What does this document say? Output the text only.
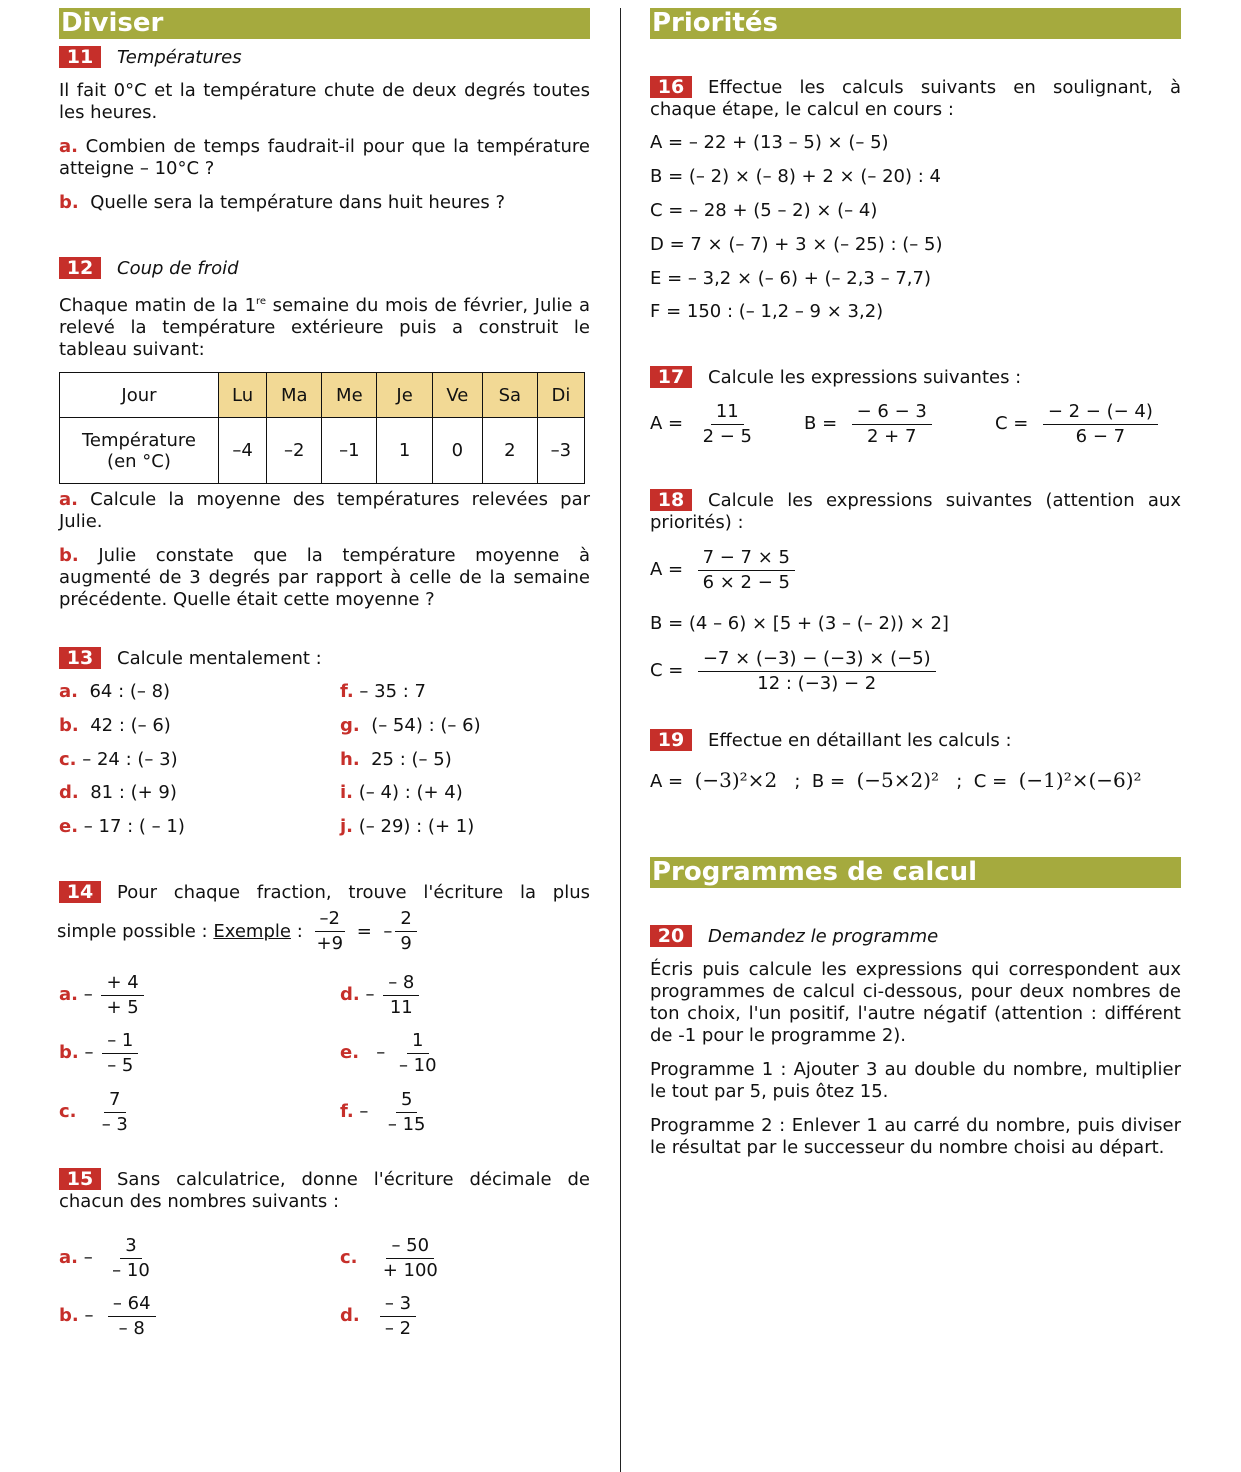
Diviser
11	Températures

Il fait 0°C et la température chute de deux degrés toutes les heures.

a. Combien de temps faudrait-il pour que la température atteigne – 10°C ?

b. Quelle sera la température dans huit heures ?

12	Coup de froid

Chaque matin de la 1re semaine du mois de février, Julie a relevé la température extérieure puis a construit le tableau suivant:

Jour	Lu	Ma	Me	Je	Ve	Sa	Di
Température
(en °C)	–4	–2	–1	1	0	2	–3

a. Calcule la moyenne des températures relevées par Julie.

b. Julie constate que la température moyenne à augmenté de 3 degrés par rapport à celle de la semaine précédente. Quelle était cette moyenne ?

13	Calcule mentalement :
a. 64 : (– 8)
b. 42 : (– 6)
c. – 24 : (– 3)
d. 81 : (+ 9)
e. – 17 : ( – 1)
f. – 35 : 7
g. (– 54) : (– 6)
h. 25 : (– 5)
i. (– 4) : (+ 4)
j. (– 29) : (+ 1)
14	Pour chaque fraction, trouve l'écriture la plus
simple possible :
Exemple
:
$\frac{-2}{+9}$
=
– $\frac{2}{9}$
a.
–
$\frac{+ 4}{+ 5}$
b.
–
$\frac{- 1}{- 5}$
c.
$\frac{7}{- 3}$
d.
–
$\frac{- 8}{11}$
e.
–
$\frac{1}{- 10}$
f.
–
$\frac{5}{- 15}$

15 Sans calculatrice, donne l'écriture décimale de chacun des nombres suivants :

a.
–
$\frac{3}{- 10}$
b.
–
$\frac{- 64}{- 8}$
c.
$\frac{- 50}{+ 100}$
d.
$\frac{- 3}{- 2}$
Priorités

16 Effectue les calculs suivants en soulignant, à chaque étape, le calcul en cours :

A = – 22 + (13 – 5) × (– 5)
B = (– 2) × (– 8) + 2 × (– 20) : 4
C = – 28 + (5 – 2) × (– 4)
D = 7 × (– 7) + 3 × (– 25) : (– 5)
E = – 3,2 × (– 6) + (– 2,3 – 7,7)
F = 150 : (– 1,2 – 9 × 3,2)
17	Calcule les expressions suivantes :
A =
$\frac{11}{2 - 5}$	B =
$\frac{- 6 - 3}{2 + 7}$	C =
$\frac{- 2 - (- 4)}{6 - 7}$

18 Calcule les expressions suivantes (attention aux priorités) :

A =
$\frac{7 - 7 \times 5}{6 \times 2 - 5}$
B = (4 – 6) × [5 + (3 – (– 2)) × 2]
C =
$\frac{-7 \times (-3) - (-3) \times (-5)}{12 : (-3) - 2}$
19	Effectue en détaillant les calculs :
A = (−3)²×2 ; B = (−5×2)² ; C = (−1)²×(−6)²
Programmes de calcul
20	Demandez le programme

Écris puis calcule les expressions qui correspondent aux programmes de calcul ci-dessous, pour deux nombres de ton choix, l'un positif, l'autre négatif (attention : différent de -1 pour le programme 2).

Programme 1 : Ajouter 3 au double du nombre, multiplier le tout par 5, puis ôtez 15.

Programme 2 : Enlever 1 au carré du nombre, puis diviser le résultat par le successeur du nombre choisi au départ.
